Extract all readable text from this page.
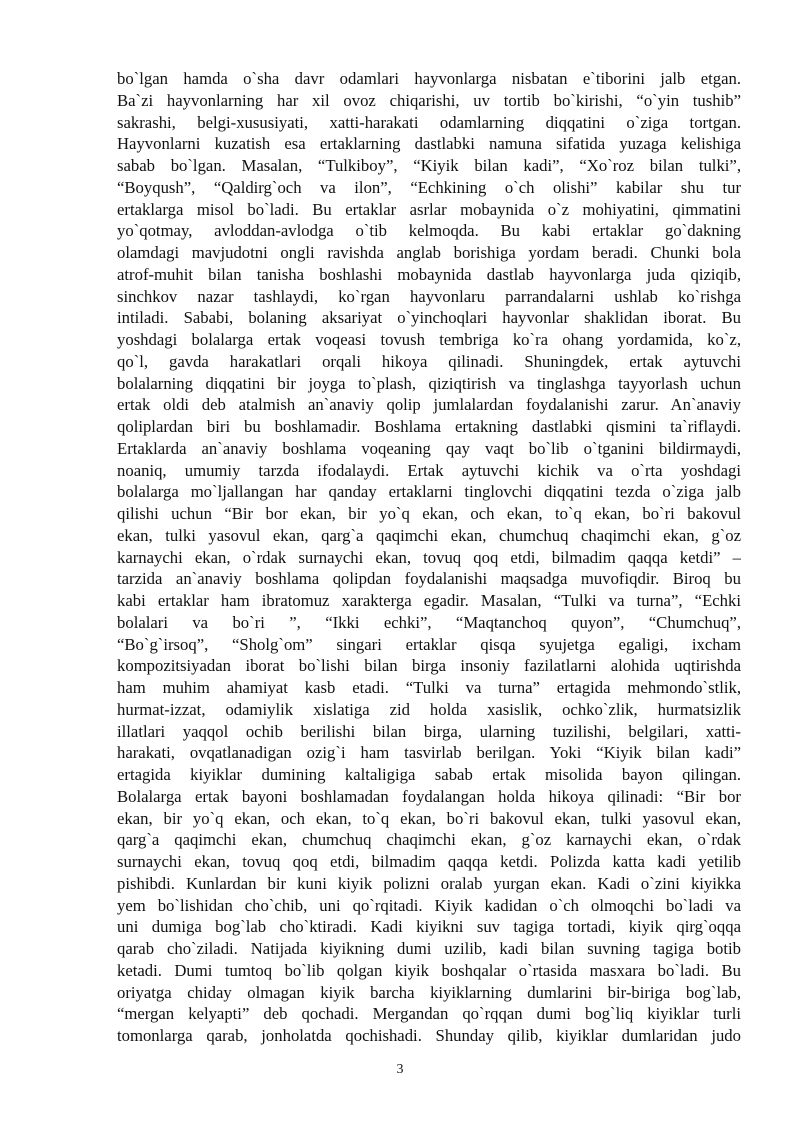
bo`lgan hamda o`sha davr odamlari hayvonlarga nisbatan e`tiborini jalb etgan.
Ba`zi hayvonlarning har xil ovoz chiqarishi, uv tortib bo`kirishi, “o`yin tushib”
sakrashi, belgi-xususiyati, xatti-harakati odamlarning diqqatini o`ziga tortgan.
Hayvonlarni kuzatish esa ertaklarning dastlabki namuna sifatida yuzaga kelishiga
sabab bo`lgan. Masalan, “Tulkiboy”, “Kiyik bilan kadi”, “Xo`roz bilan tulki”,
“Boyqush”, “Qaldirg`och va ilon”, “Echkining o`ch olishi” kabilar shu tur
ertaklarga misol bo`ladi. Bu ertaklar asrlar mobaynida o`z mohiyatini, qimmatini
yo`qotmay, avloddan-avlodga o`tib kelmoqda. Bu kabi ertaklar go`dakning
olamdagi mavjudotni ongli ravishda anglab borishiga yordam beradi. Chunki bola
atrof-muhit bilan tanisha boshlashi mobaynida dastlab hayvonlarga juda qiziqib,
sinchkov nazar tashlaydi, ko`rgan hayvonlaru parrandalarni ushlab ko`rishga
intiladi. Sababi, bolaning aksariyat o`yinchoqlari hayvonlar shaklidan iborat. Bu
yoshdagi bolalarga ertak voqeasi tovush tembriga ko`ra ohang yordamida, ko`z,
qo`l, gavda harakatlari orqali hikoya qilinadi. Shuningdek, ertak aytuvchi
bolalarning diqqatini bir joyga to`plash, qiziqtirish va tinglashga tayyorlash uchun
ertak oldi deb atalmish an`anaviy qolip jumlalardan foydalanishi zarur. An`anaviy
qoliplardan biri bu boshlamadir. Boshlama ertakning dastlabki qismini ta`riflaydi.
Ertaklarda an`anaviy boshlama voqeaning qay vaqt bo`lib o`tganini bildirmaydi,
noaniq, umumiy tarzda ifodalaydi. Ertak aytuvchi kichik va o`rta yoshdagi
bolalarga mo`ljallangan har qanday ertaklarni tinglovchi diqqatini tezda o`ziga jalb
qilishi uchun “Bir bor ekan, bir yo`q ekan, och ekan, to`q ekan, bo`ri bakovul
ekan, tulki yasovul ekan, qarg`a qaqimchi ekan, chumchuq chaqimchi ekan, g`oz
karnaychi ekan, o`rdak surnaychi ekan, tovuq qoq etdi, bilmadim qaqqa ketdi” –
tarzida an`anaviy boshlama qolipdan foydalanishi maqsadga muvofiqdir. Biroq bu
kabi ertaklar ham ibratomuz xarakterga egadir. Masalan, “Tulki va turna”, “Echki
bolalari va bo`ri ”, “Ikki echki”, “Maqtanchoq quyon”, “Chumchuq”,
“Bo`g`irsoq”, “Sholg`om” singari ertaklar qisqa syujetga egaligi, ixcham
kompozitsiyadan iborat bo`lishi bilan birga insoniy fazilatlarni alohida uqtirishda
ham muhim ahamiyat kasb etadi. “Tulki va turna” ertagida mehmondo`stlik,
hurmat-izzat, odamiylik xislatiga zid holda xasislik, ochko`zlik, hurmatsizlik
illatlari yaqqol ochib berilishi bilan birga, ularning tuzilishi, belgilari, xatti-
harakati, ovqatlanadigan ozig`i ham tasvirlab berilgan. Yoki “Kiyik bilan kadi”
ertagida kiyiklar dumining kaltaligiga sabab ertak misolida bayon qilingan.
Bolalarga ertak bayoni boshlamadan foydalangan holda hikoya qilinadi: “Bir bor
ekan, bir yo`q ekan, och ekan, to`q ekan, bo`ri bakovul ekan, tulki yasovul ekan,
qarg`a qaqimchi ekan, chumchuq chaqimchi ekan, g`oz karnaychi ekan, o`rdak
surnaychi ekan, tovuq qoq etdi, bilmadim qaqqa ketdi. Polizda katta kadi yetilib
pishibdi. Kunlardan bir kuni kiyik polizni oralab yurgan ekan. Kadi o`zini kiyikka
yem bo`lishidan cho`chib, uni qo`rqitadi. Kiyik kadidan o`ch olmoqchi bo`ladi va
uni dumiga bog`lab cho`ktiradi. Kadi kiyikni suv tagiga tortadi, kiyik qirg`oqqa
qarab cho`ziladi. Natijada kiyikning dumi uzilib, kadi bilan suvning tagiga botib
ketadi. Dumi tumtoq bo`lib qolgan kiyik boshqalar o`rtasida masxara bo`ladi. Bu
oriyatga chiday olmagan kiyik barcha kiyiklarning dumlarini bir-biriga bog`lab,
“mergan kelyapti” deb qochadi. Mergandan qo`rqqan dumi bog`liq kiyiklar turli
tomonlarga qarab, jonholatda qochishadi. Shunday qilib, kiyiklar dumlaridan judo
3
